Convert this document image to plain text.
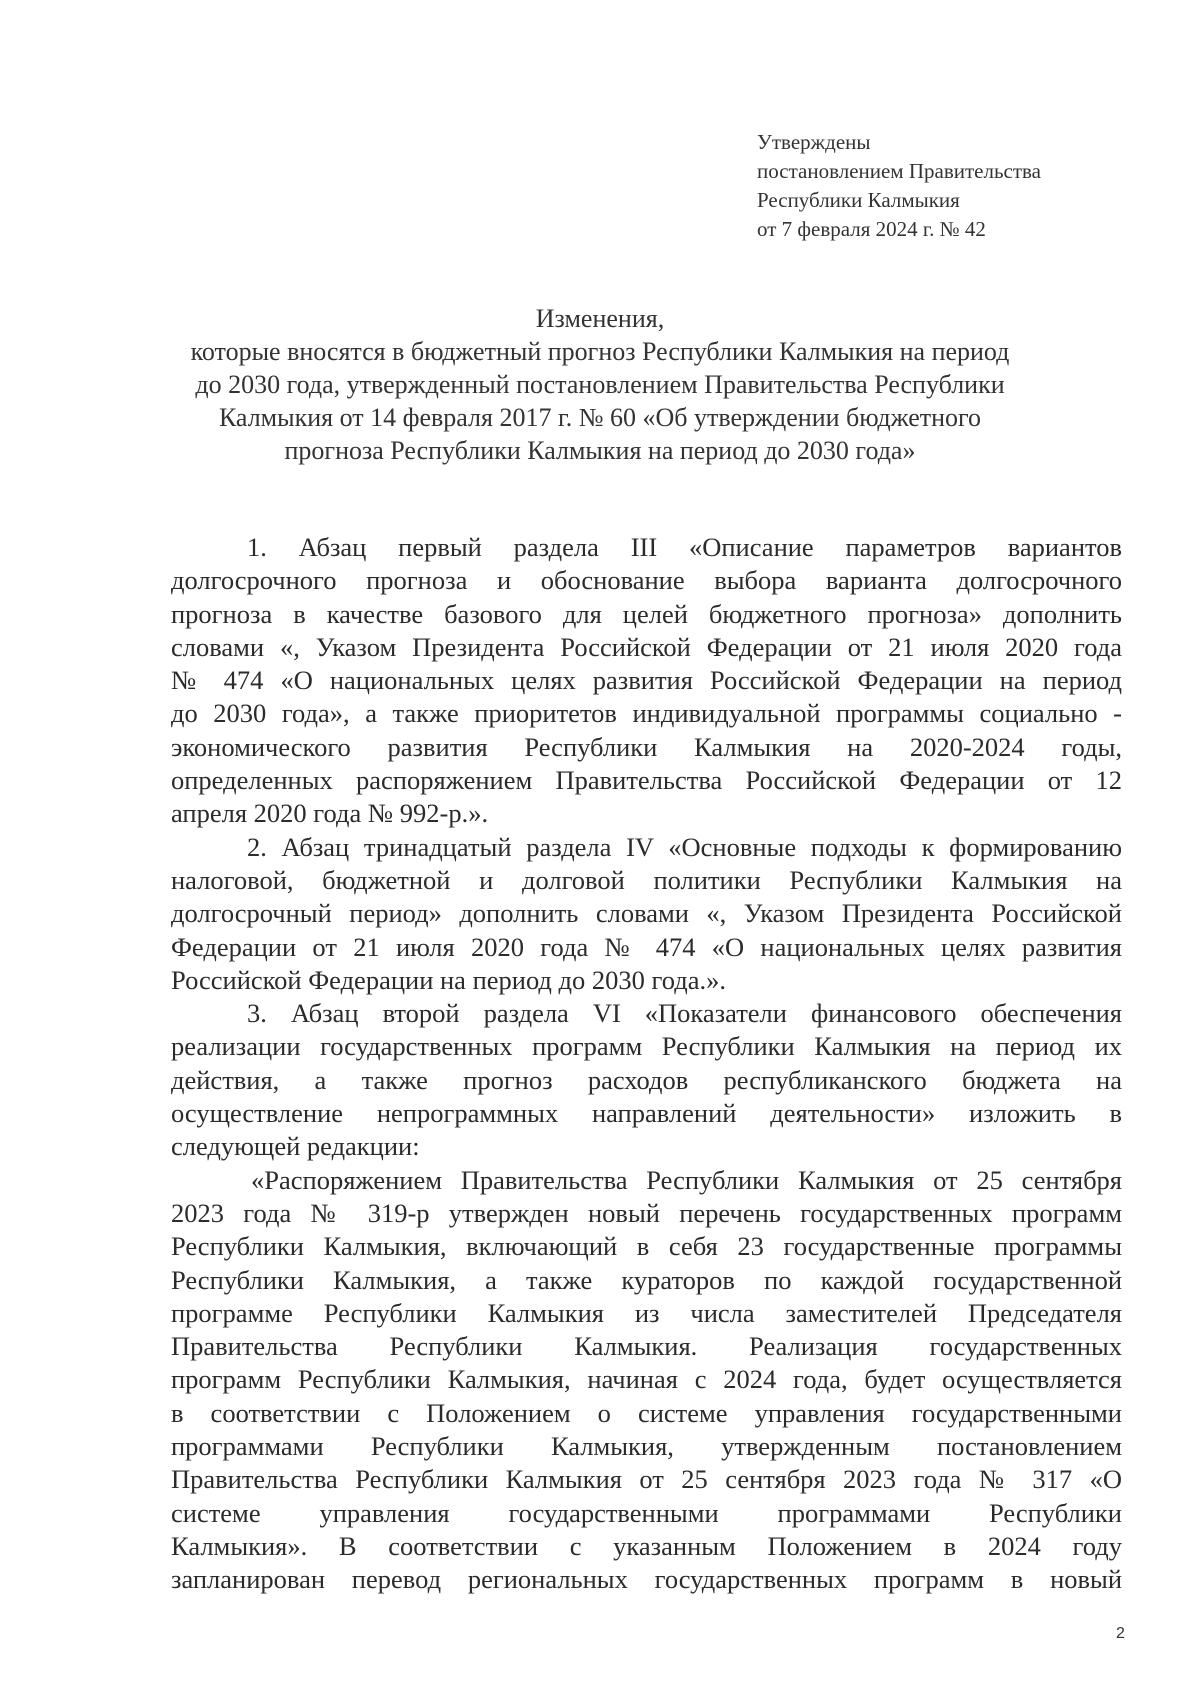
Утверждены
постановлением Правительства
Республики Калмыкия
от 7 февраля 2024 г. № 42
Изменения,
которые вносятся в бюджетный прогноз Республики Калмыкия на период
до 2030 года, утвержденный постановлением Правительства Республики
Калмыкия от 14 февраля 2017 г. № 60 «Об утверждении бюджетного
прогноза Республики Калмыкия на период до 2030 года»
1. Абзац первый раздела III «Описание параметров вариантов
долгосрочного прогноза и обоснование выбора варианта долгосрочного
прогноза в качестве базового для целей бюджетного прогноза» дополнить
словами «, Указом Президента Российской Федерации от 21 июля 2020 года
№ 474 «О национальных целях развития Российской Федерации на период
до 2030 года», а также приоритетов индивидуальной программы социально -
экономического развития Республики Калмыкия на 2020-2024 годы,
определенных распоряжением Правительства Российской Федерации от 12
апреля 2020 года № 992-р.».
2. Абзац тринадцатый раздела IV «Основные подходы к формированию
налоговой, бюджетной и долговой политики Республики Калмыкия на
долгосрочный период» дополнить словами «, Указом Президента Российской
Федерации от 21 июля 2020 года № 474 «О национальных целях развития
Российской Федерации на период до 2030 года.».
3. Абзац второй раздела VI «Показатели финансового обеспечения
реализации государственных программ Республики Калмыкия на период их
действия, а также прогноз расходов республиканского бюджета на
осуществление непрограммных направлений деятельности» изложить в
следующей редакции:
«Распоряжением Правительства Республики Калмыкия от 25 сентября
2023 года № 319-р утвержден новый перечень государственных программ
Республики Калмыкия, включающий в себя 23 государственные программы
Республики Калмыкия, а также кураторов по каждой государственной
программе Республики Калмыкия из числа заместителей Председателя
Правительства Республики Калмыкия. Реализация государственных
программ Республики Калмыкия, начиная с 2024 года, будет осуществляется
в соответствии с Положением о системе управления государственными
программами Республики Калмыкия, утвержденным постановлением
Правительства Республики Калмыкия от 25 сентября 2023 года № 317 «О
системе управления государственными программами Республики
Калмыкия». В соответствии с указанным Положением в 2024 году
запланирован перевод региональных государственных программ в новый
2
